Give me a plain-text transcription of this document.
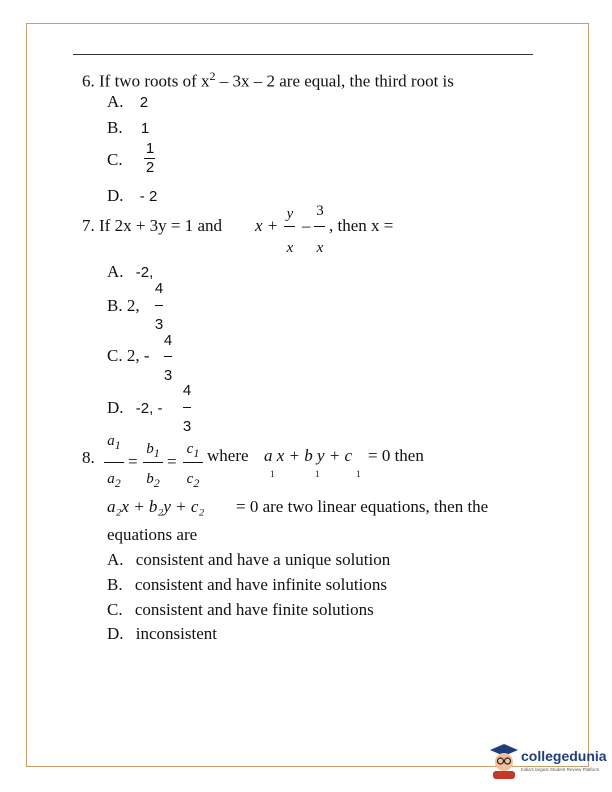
6. If two roots of $x^2 - 3x - 2$ are equal, the third root is
A. 2
B. 1
C.
1
2
D. - 2
7. If 2x + 3y = 1 and x +
y
x
–
3
x
, then x =
A. -2,
B. 2,
4
3
C. 2, -
4
3
D. -2, -
4
3
8.
$a_1$
$a_2$
=
$b_1$
$b_2$
=
$c_1$
$c_2$
where a x + b y + c
1	1	1
= 0 then
a₂x + b₂y + c₂ = 0 are two linear equations, then the
equations are
A. consistent and have a unique solution
B. consistent and have infinite solutions
C. consistent and have finite solutions
D. inconsistent
collegedunia
India's largest Student Review Platform
